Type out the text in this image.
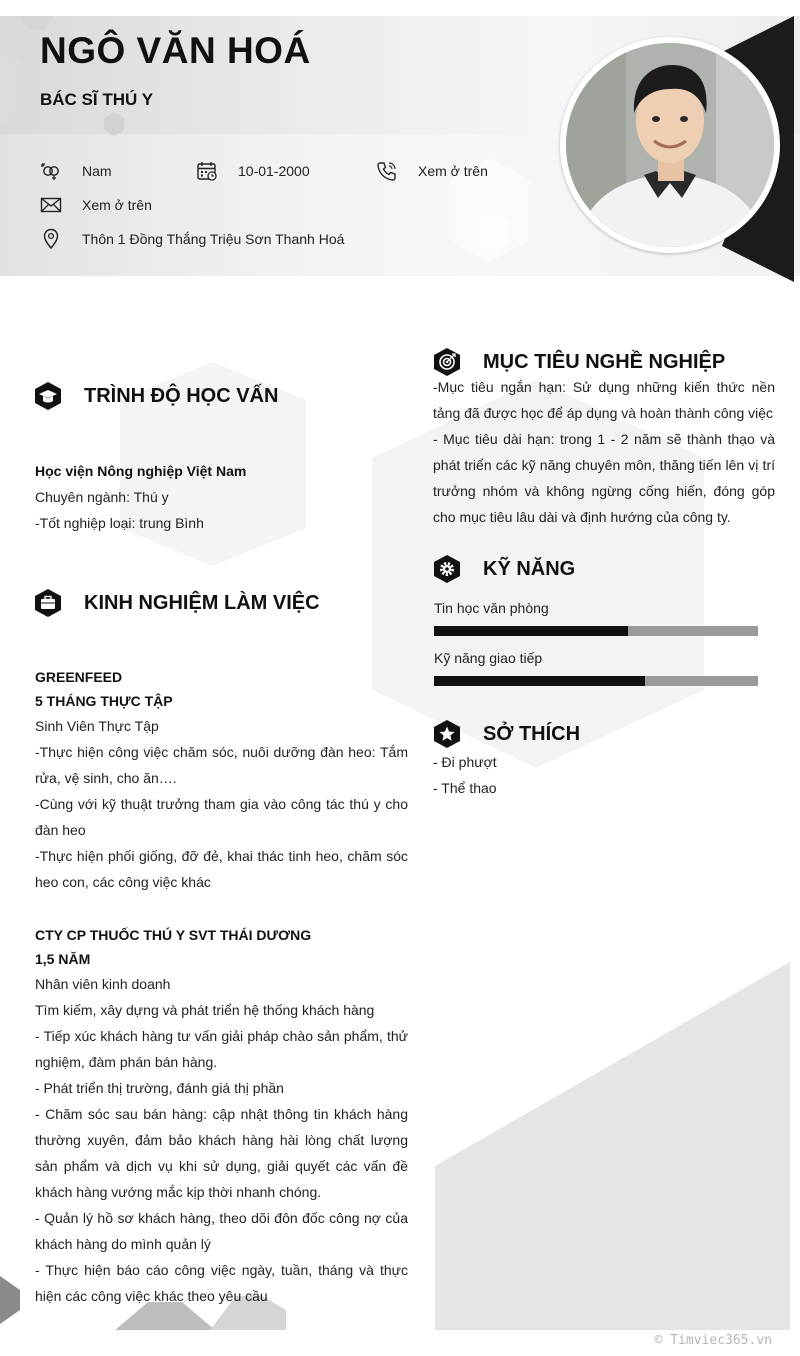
NGÔ VĂN HOÁ
BÁC SĨ THÚ Y
Nam	10-01-2000	Xem ở trên
Xem ở trên
Thôn 1 Đồng Thắng Triệu Sơn Thanh Hoá
TRÌNH ĐỘ HỌC VẤN
Học viện Nông nghiệp Việt Nam
Chuyên ngành: Thú y
-Tốt nghiệp loại: trung Bình
KINH NGHIỆM LÀM VIỆC
GREENFEED
5 THÁNG THỰC TẬP
Sinh Viên Thực Tập
-Thực hiện công việc chăm sóc, nuôi dưỡng đàn heo: Tắm rửa, vệ sinh, cho ăn….
-Cùng với kỹ thuật trưởng tham gia vào công tác thú y cho đàn heo
-Thực hiện phối giống, đỡ đẻ, khai thác tinh heo, chăm sóc heo con, các công việc khác
CTY CP THUỐC THÚ Y SVT THÁI DƯƠNG
1,5 NĂM
Nhân viên kinh doanh
Tìm kiếm, xây dựng và phát triển hệ thống khách hàng
- Tiếp xúc khách hàng tư vấn giải pháp chào sản phẩm, thử nghiệm, đàm phán bán hàng.
- Phát triển thị trường, đánh giá thị phần
- Chăm sóc sau bán hàng: cập nhật thông tin khách hàng thường xuyên, đảm bảo khách hàng hài lòng chất lượng sản phẩm và dịch vụ khi sử dụng, giải quyết các vấn đề khách hàng vướng mắc kịp thời nhanh chóng.
- Quản lý hồ sơ khách hàng, theo dõi đôn đốc công nợ của khách hàng do mình quản lý
- Thực hiện báo cáo công việc ngày, tuần, tháng và thực hiện các công việc khác theo yêu cầu
MỤC TIÊU NGHỀ NGHIỆP
-Mục tiêu ngắn hạn: Sử dụng những kiến thức nền tảng đã được học để áp dụng và hoàn thành công việc
- Mục tiêu dài hạn: trong 1 - 2 năm sẽ thành thạo và phát triển các kỹ năng chuyên môn, thăng tiến lên vị trí trưởng nhóm và không ngừng cống hiến, đóng góp cho mục tiêu lâu dài và định hướng của công ty.
KỸ NĂNG
Tin học văn phòng
Kỹ năng giao tiếp
SỞ THÍCH
- Đi phượt
- Thể thao
© Timviec365.vn
